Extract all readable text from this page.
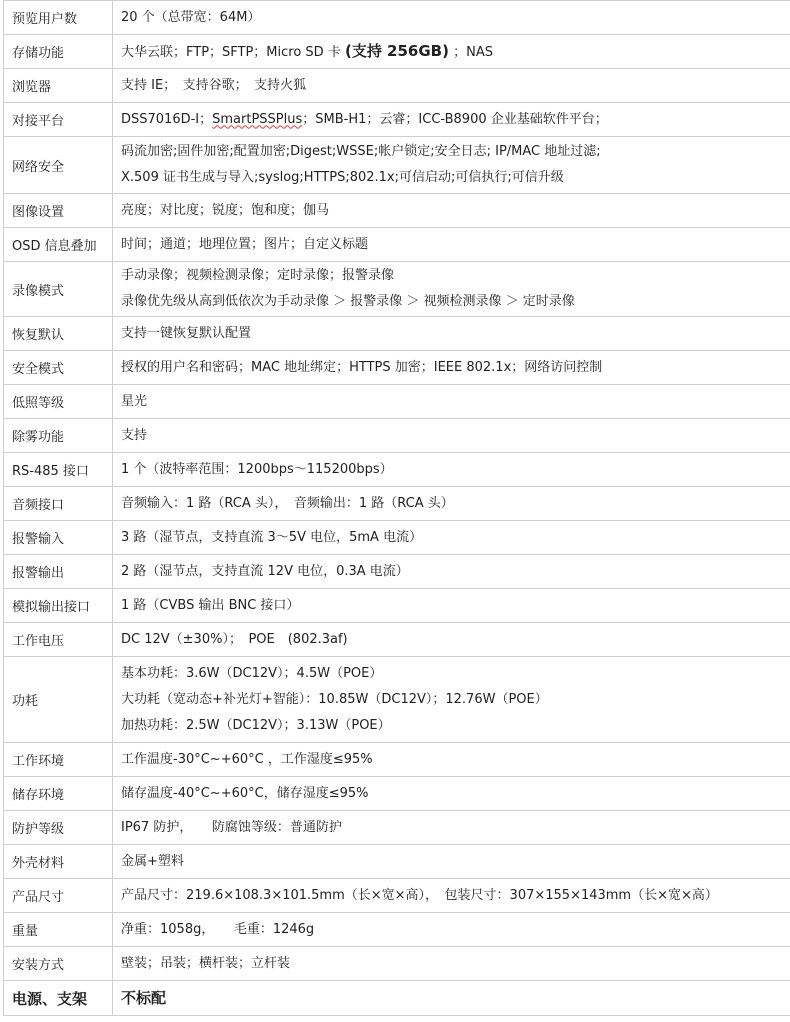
预览用户数	20 个（总带宽：64M）

存储功能	大华云联；FTP；SFTP；Micro SD 卡 (支持 256GB) ；NAS

浏览器	支持 IE；　支持谷歌；　支持火狐

对接平台	DSS7016D-I；SmartPSSPlus；SMB-H1；云睿；ICC-B8900 企业基础软件平台；

网络安全	码流加密;固件加密;配置加密;Digest;WSSE;帐户锁定;安全日志; IP/MAC 地址过滤;
X.509 证书生成与导入;syslog;HTTPS;802.1x;可信启动;可信执行;可信升级

图像设置	亮度；对比度；锐度；饱和度；伽马

OSD 信息叠加	时间；通道；地理位置；图片；自定义标题

录像模式	手动录像；视频检测录像；定时录像；报警录像
录像优先级从高到低依次为手动录像 ＞ 报警录像 ＞ 视频检测录像 ＞ 定时录像

恢复默认	支持一键恢复默认配置

安全模式	授权的用户名和密码；MAC 地址绑定；HTTPS 加密；IEEE 802.1x；网络访问控制

低照等级	星光

除雾功能	支持

RS-485 接口	1 个（波特率范围：1200bps～115200bps）

音频接口	音频输入：1 路（RCA 头），　音频输出：1 路（RCA 头）

报警输入	3 路（湿节点，支持直流 3～5V 电位，5mA 电流）

报警输出	2 路（湿节点，支持直流 12V 电位，0.3A 电流）

模拟输出接口	1 路（CVBS 输出 BNC 接口）

工作电压	DC 12V（±30%）；　POE　(802.3af)

功耗	基本功耗：3.6W（DC12V）；4.5W（POE）
大功耗（宽动态+补光灯+智能）：10.85W（DC12V）；12.76W（POE）
加热功耗：2.5W（DC12V）；3.13W（POE）

工作环境	工作温度-30°C~+60°C ，工作湿度≤95%

储存环境	储存温度-40°C~+60°C，储存湿度≤95%

防护等级	IP67 防护，　　防腐蚀等级：普通防护

外壳材料	金属+塑料

产品尺寸	产品尺寸：219.6×108.3×101.5mm（长×宽×高），　包装尺寸：307×155×143mm（长×宽×高）

重量	净重：1058g，　　毛重：1246g

安装方式	壁装；吊装；横杆装；立杆装

电源、支架	不标配
